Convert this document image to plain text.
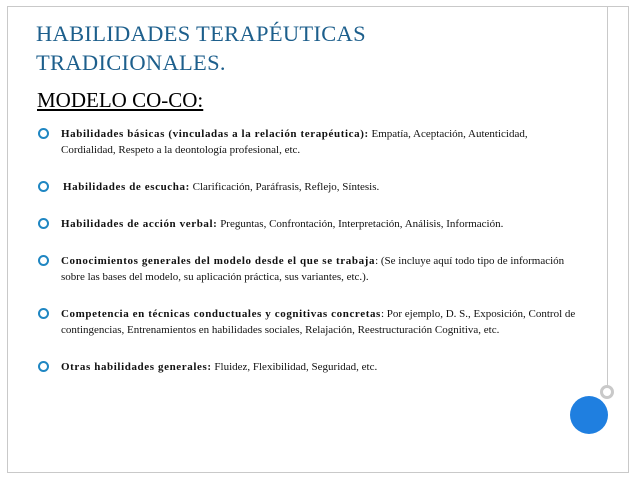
HABILIDADES TERAPÉUTICAS
TRADICIONALES.
MODELO CO-CO:
Habilidades básicas (vinculadas a la relación terapéutica): Empatía, Aceptación, Autenticidad, Cordialidad, Respeto a la deontología profesional, etc.
Habilidades de escucha: Clarificación, Paráfrasis, Reflejo, Síntesis.
Habilidades de acción verbal: Preguntas, Confrontación, Interpretación, Análisis, Información.
Conocimientos generales del modelo desde el que se trabaja: (Se incluye aquí todo tipo de información sobre las bases del modelo, su aplicación práctica, sus variantes, etc.).
Competencia en técnicas conductuales y cognitivas concretas: Por ejemplo, D. S., Exposición, Control de contingencias, Entrenamientos en habilidades sociales, Relajación, Reestructuración Cognitiva, etc.
Otras habilidades generales: Fluidez, Flexibilidad, Seguridad, etc.
